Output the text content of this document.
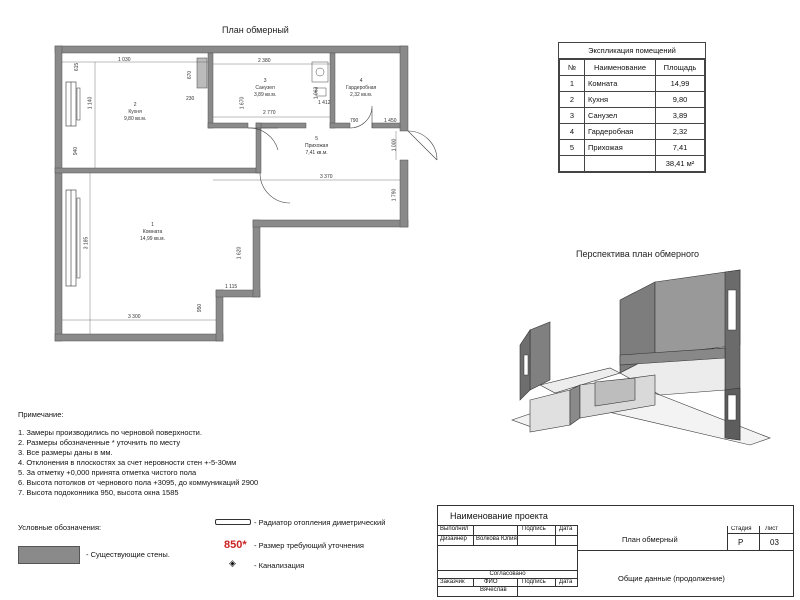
План обмерный
1 030	2 380
2 770
790	1 450
3 370
3 300
1 115
950
1 620
1 000
1 790
3 185
1 140
940
615
670
230	1 670
1 063
1 412
2
Кухня
9,80 кв.м.
3
Санузел
3,89 кв.м.
4
Гардеробная
2,32 кв.м.
5
Прихожая
7,41 кв.м.
1
Комната
14,99 кв.м.
Экспликация помещений
№	Наименование	Площадь
1	Комната	14,99
2	Кухня	9,80
3	Санузел	3,89
4	Гардеробная	2,32
5	Прихожая	7,41
		38,41 м²
Перспектива план обмерного
Примечание:
1. Замеры производились по черновой поверхности.
2. Размеры обозначенные * уточнить по месту
3. Все размеры даны в мм.
4. Отклонения в плоскостях за счет неровности стен +-5-30мм
5. За отметку +0,000 принята отметка чистого пола
6. Высота потолков от чернового пола +3095, до коммуникаций 2900
7. Высота подоконника 950, высота окна 1585
Условные обозначения:
- Существующие стены.
- Радиатор отопления диметрический
850* - Размер требующий уточнения
◈ - Канализация
Наименование проекта
Выполнил	Подпись	Дата
Дизайнер	Волкова Юлия
Согласовано
Заказчик	ФИО	Подпись	Дата
Вячеслав
План обмерный
Стадия	Лист
Р	03
Общие данные (продолжение)
